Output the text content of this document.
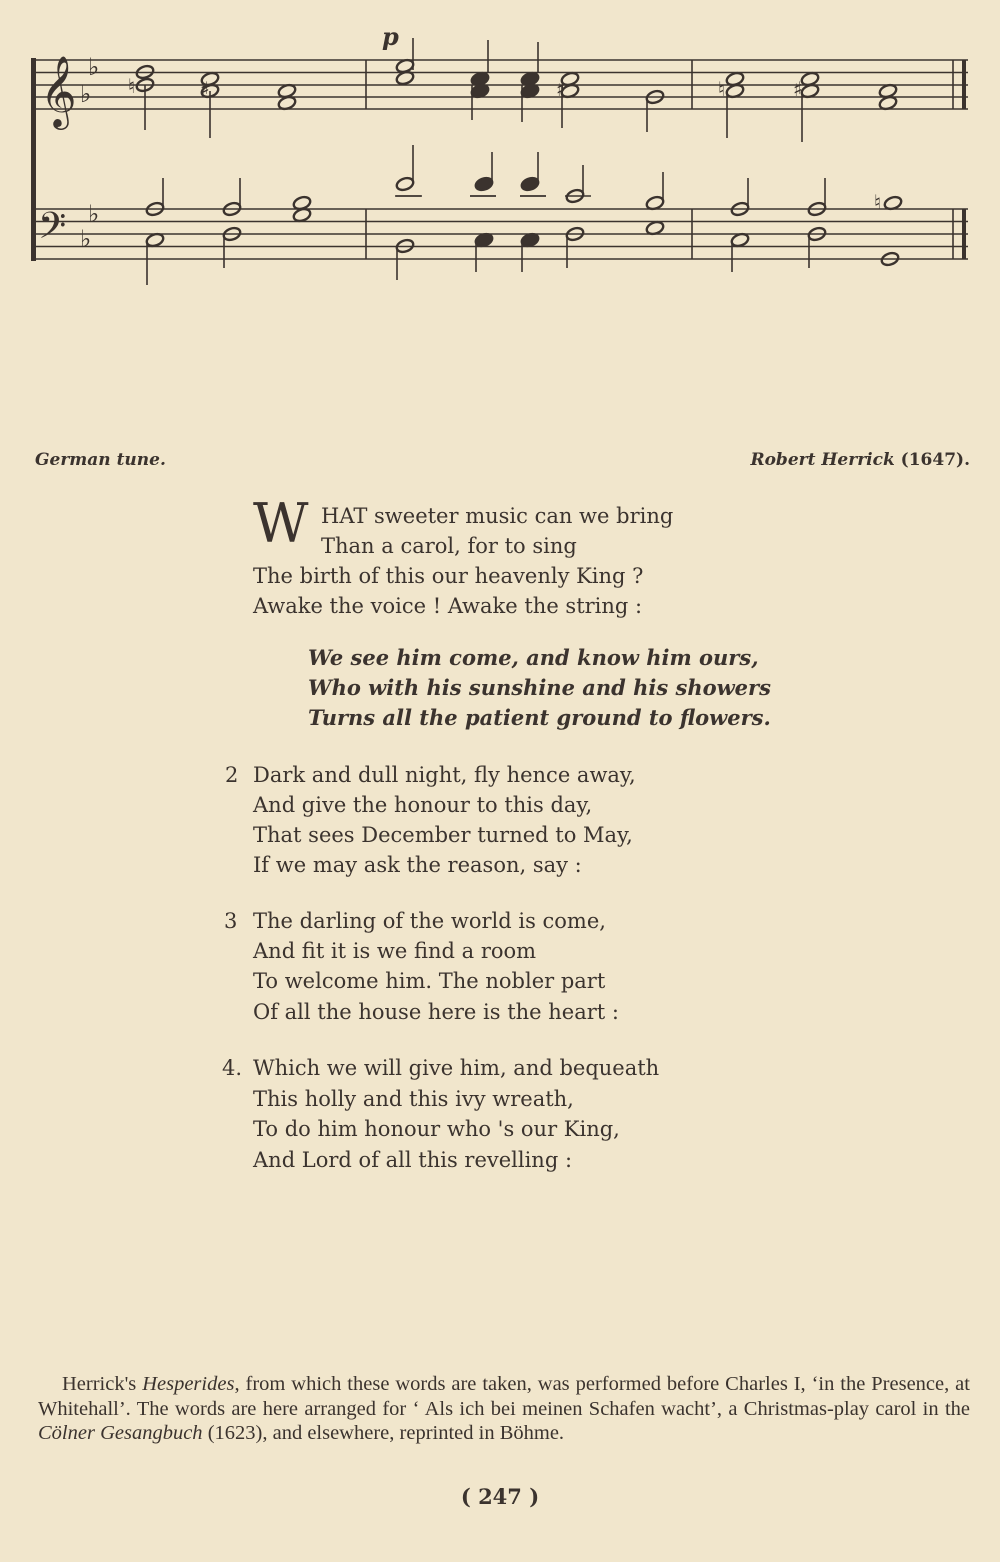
𝄞
𝄢
♭
♭
♭
♭
♮	♯	♯	♮	♯
♮
p
German tune.	Robert Herrick (1647).
W HAT sweeter music can we bring
Than a carol, for to sing
The birth of this our heavenly King ?
Awake the voice ! Awake the string :
2 Dark and dull night, fly hence away,
And give the honour to this day,
That sees December turned to May,
If we may ask the reason, say :
3 The darling of the world is come,
And fit it is we find a room
To welcome him. The nobler part
Of all the house here is the heart :
4. Which we will give him, and bequeath
This holly and this ivy wreath,
To do him honour who 's our King,
And Lord of all this revelling :
We see him come, and know him ours,
Who with his sunshine and his showers
Turns all the patient ground to flowers.

Herrick's Hesperides, from which these words are taken, was performed before Charles I, ‘in the Presence, at Whitehall’. The words are here arranged for ‘ Als ich bei meinen Schafen wacht’, a Christmas-play carol in the Cölner Gesangbuch (1623), and elsewhere, reprinted in Böhme.

( 247 )
